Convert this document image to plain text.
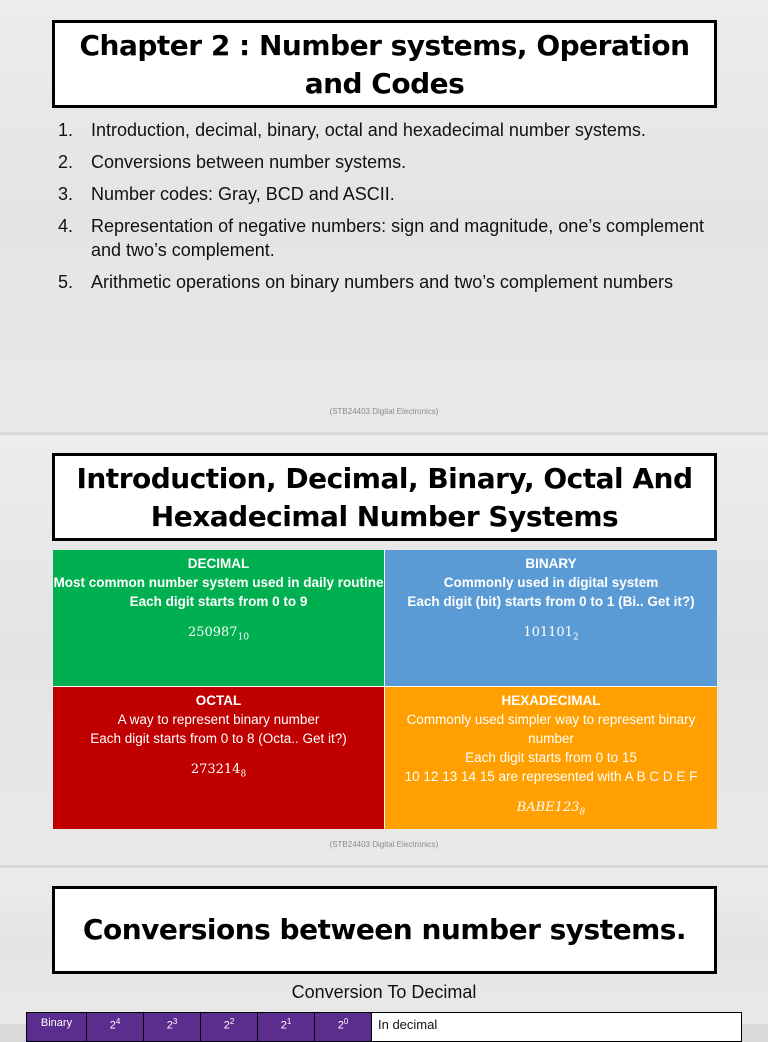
Chapter 2 : Number systems, Operation
and Codes
1. Introduction, decimal, binary, octal and hexadecimal number systems.
2. Conversions between number systems.
3. Number codes: Gray, BCD and ASCII.
4. Representation of negative numbers: sign and magnitude, one’s complement and two’s complement.
5. Arithmetic operations on binary numbers and two’s complement numbers
(STB24403 Digital Electronics)
Introduction, Decimal, Binary, Octal And
Hexadecimal Number Systems
DECIMAL
Most common number system used in daily routine
Each digit starts from 0 to 9
$250987_{10}$
BINARY
Commonly used in digital system
Each digit (bit) starts from 0 to 1 (Bi.. Get it?)
$101101_2$
OCTAL
A way to represent binary number
Each digit starts from 0 to 8 (Octa.. Get it?)
$273214_8$
HEXADECIMAL
Commonly used simpler way to represent binary number
Each digit starts from 0 to 15
10 12 13 14 15 are represented with A B C D E F
$BABE123_8$
(STB24403 Digital Electronics)
Conversions between number systems.
Conversion To Decimal
Binary	$2^4$	$2^3$	$2^2$	$2^1$	$2^0$	In decimal
